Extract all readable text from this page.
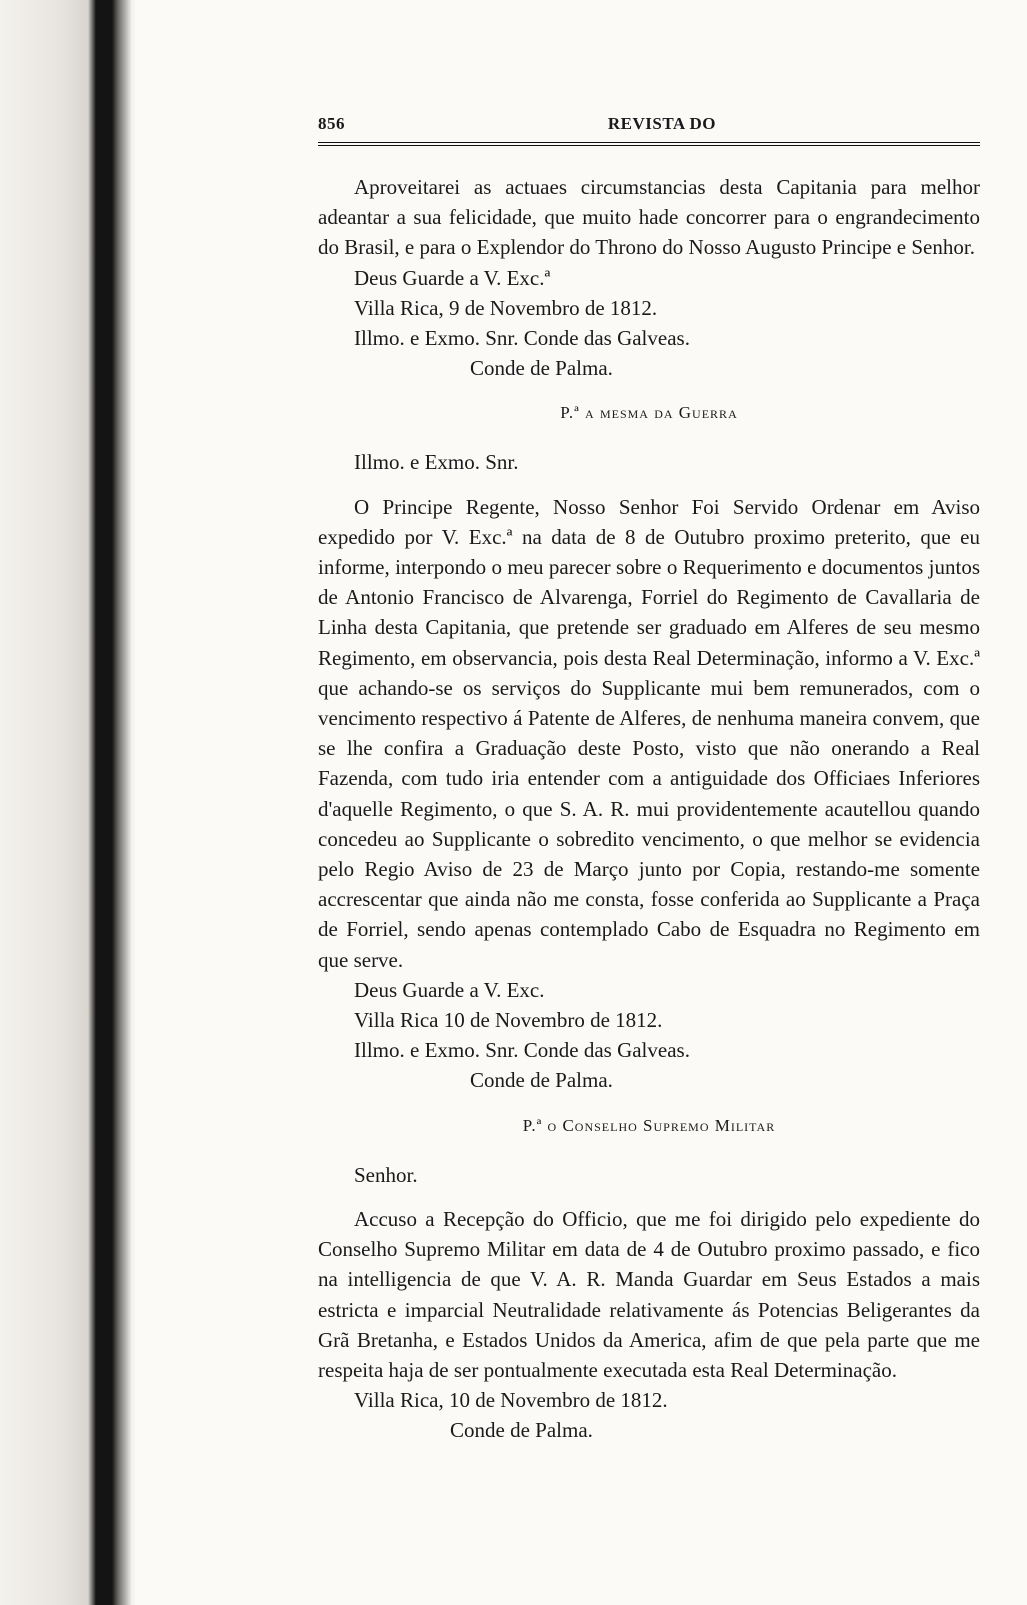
856	REVISTA DO

Aproveitarei as actuaes circumstancias desta Capitania para melhor adeantar a sua felicidade, que muito hade concorrer para o engrandecimento do Brasil, e para o Explendor do Throno do Nosso Augusto Principe e Senhor.

Deus Guarde a V. Exc.ª
Villa Rica, 9 de Novembro de 1812.
Illmo. e Exmo. Snr. Conde das Galveas.
Conde de Palma.
P.ª a mesma da Guerra
Illmo. e Exmo. Snr.

O Principe Regente, Nosso Senhor Foi Servido Ordenar em Aviso expedido por V. Exc.ª na data de 8 de Outubro proximo preterito, que eu informe, interpondo o meu parecer sobre o Requerimento e documentos juntos de Antonio Francisco de Alvarenga, Forriel do Regimento de Cavallaria de Linha desta Capitania, que pretende ser graduado em Alferes de seu mesmo Regimento, em observancia, pois desta Real Determinação, informo a V. Exc.ª que achando-se os serviços do Supplicante mui bem remunerados, com o vencimento respectivo á Patente de Alferes, de nenhuma maneira convem, que se lhe confira a Graduação deste Posto, visto que não onerando a Real Fazenda, com tudo iria entender com a antiguidade dos Officiaes Inferiores d'aquelle Regimento, o que S. A. R. mui providentemente acautellou quando concedeu ao Supplicante o sobredito vencimento, o que melhor se evidencia pelo Regio Aviso de 23 de Março junto por Copia, restando-me somente accrescentar que ainda não me consta, fosse conferida ao Supplicante a Praça de Forriel, sendo apenas contemplado Cabo de Esquadra no Regimento em que serve.

Deus Guarde a V. Exc.
Villa Rica 10 de Novembro de 1812.
Illmo. e Exmo. Snr. Conde das Galveas.
Conde de Palma.
P.ª o Conselho Supremo Militar
Senhor.

Accuso a Recepção do Officio, que me foi dirigido pelo expediente do Conselho Supremo Militar em data de 4 de Outubro proximo passado, e fico na intelligencia de que V. A. R. Manda Guardar em Seus Estados a mais estricta e imparcial Neutralidade relativamente ás Potencias Beligerantes da Grã Bretanha, e Estados Unidos da America, afim de que pela parte que me respeita haja de ser pontualmente executada esta Real Determinação.

Villa Rica, 10 de Novembro de 1812.
Conde de Palma.
